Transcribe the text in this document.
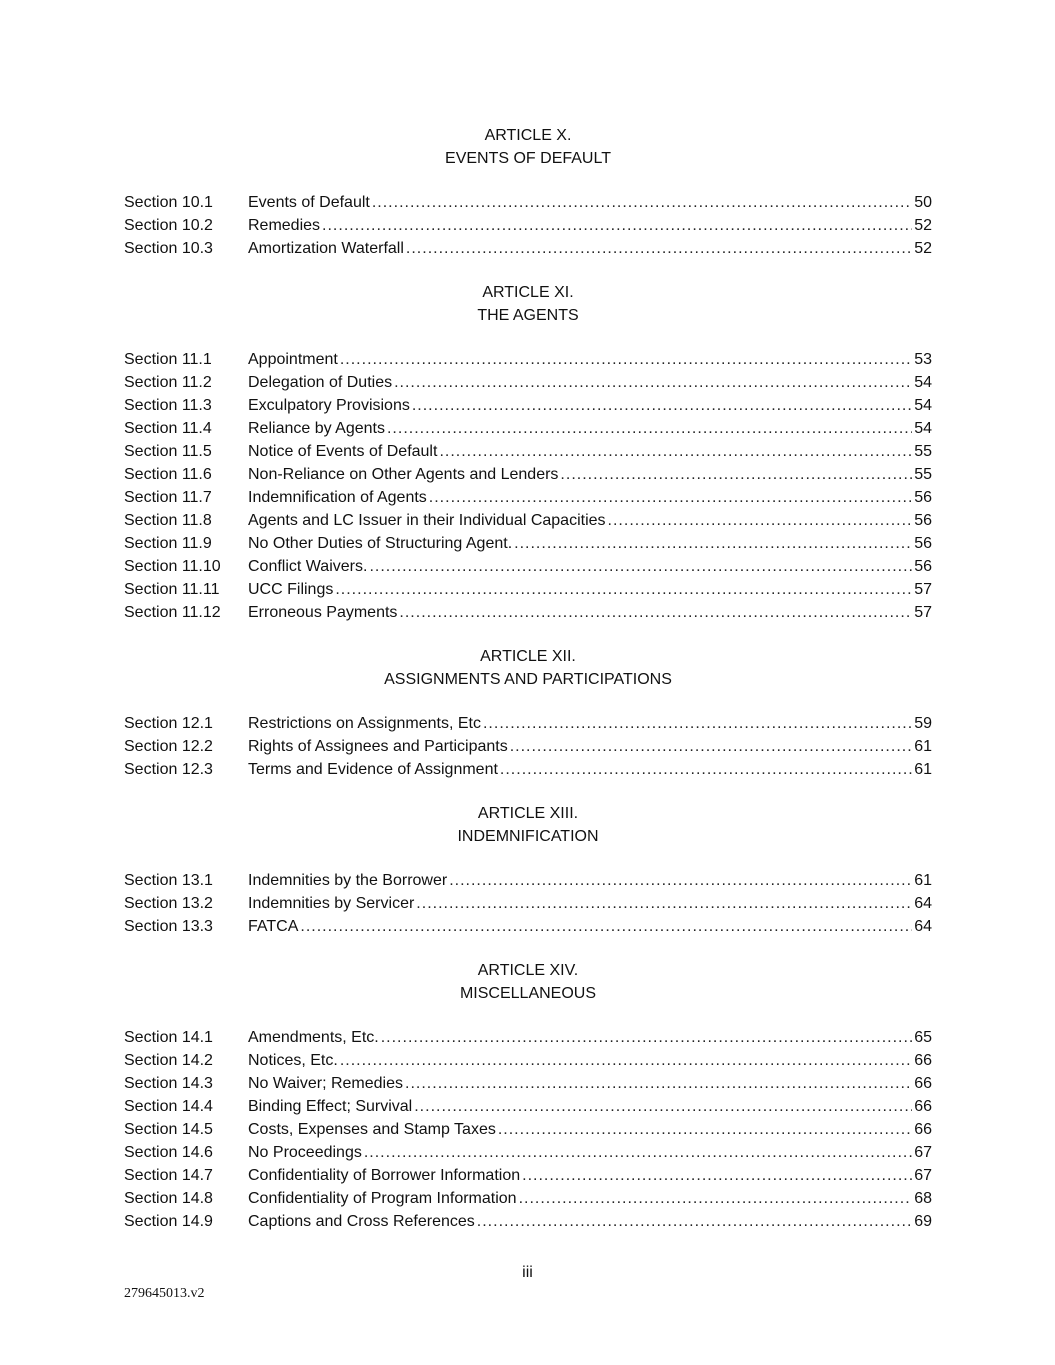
ARTICLE X.
EVENTS OF DEFAULT
Section 10.1	Events of Default .....	50
Section 10.2	Remedies .....	52
Section 10.3	Amortization Waterfall .....	52
ARTICLE XI.
THE AGENTS
Section 11.1	Appointment .....	53
Section 11.2	Delegation of Duties .....	54
Section 11.3	Exculpatory Provisions .....	54
Section 11.4	Reliance by Agents .....	54
Section 11.5	Notice of Events of Default .....	55
Section 11.6	Non-Reliance on Other Agents and Lenders .....	55
Section 11.7	Indemnification of Agents .....	56
Section 11.8	Agents and LC Issuer in their Individual Capacities .....	56
Section 11.9	No Other Duties of Structuring Agent. .....	56
Section 11.10	Conflict Waivers. .....	56
Section 11.11	UCC Filings .....	57
Section 11.12	Erroneous Payments .....	57
ARTICLE XII.
ASSIGNMENTS AND PARTICIPATIONS
Section 12.1	Restrictions on Assignments, Etc .....	59
Section 12.2	Rights of Assignees and Participants .....	61
Section 12.3	Terms and Evidence of Assignment .....	61
ARTICLE XIII.
INDEMNIFICATION
Section 13.1	Indemnities by the Borrower .....	61
Section 13.2	Indemnities by Servicer .....	64
Section 13.3	FATCA .....	64
ARTICLE XIV.
MISCELLANEOUS
Section 14.1	Amendments, Etc. .....	65
Section 14.2	Notices, Etc. .....	66
Section 14.3	No Waiver; Remedies .....	66
Section 14.4	Binding Effect; Survival .....	66
Section 14.5	Costs, Expenses and Stamp Taxes .....	66
Section 14.6	No Proceedings .....	67
Section 14.7	Confidentiality of Borrower Information .....	67
Section 14.8	Confidentiality of Program Information .....	68
Section 14.9	Captions and Cross References .....	69
iii
279645013.v2
